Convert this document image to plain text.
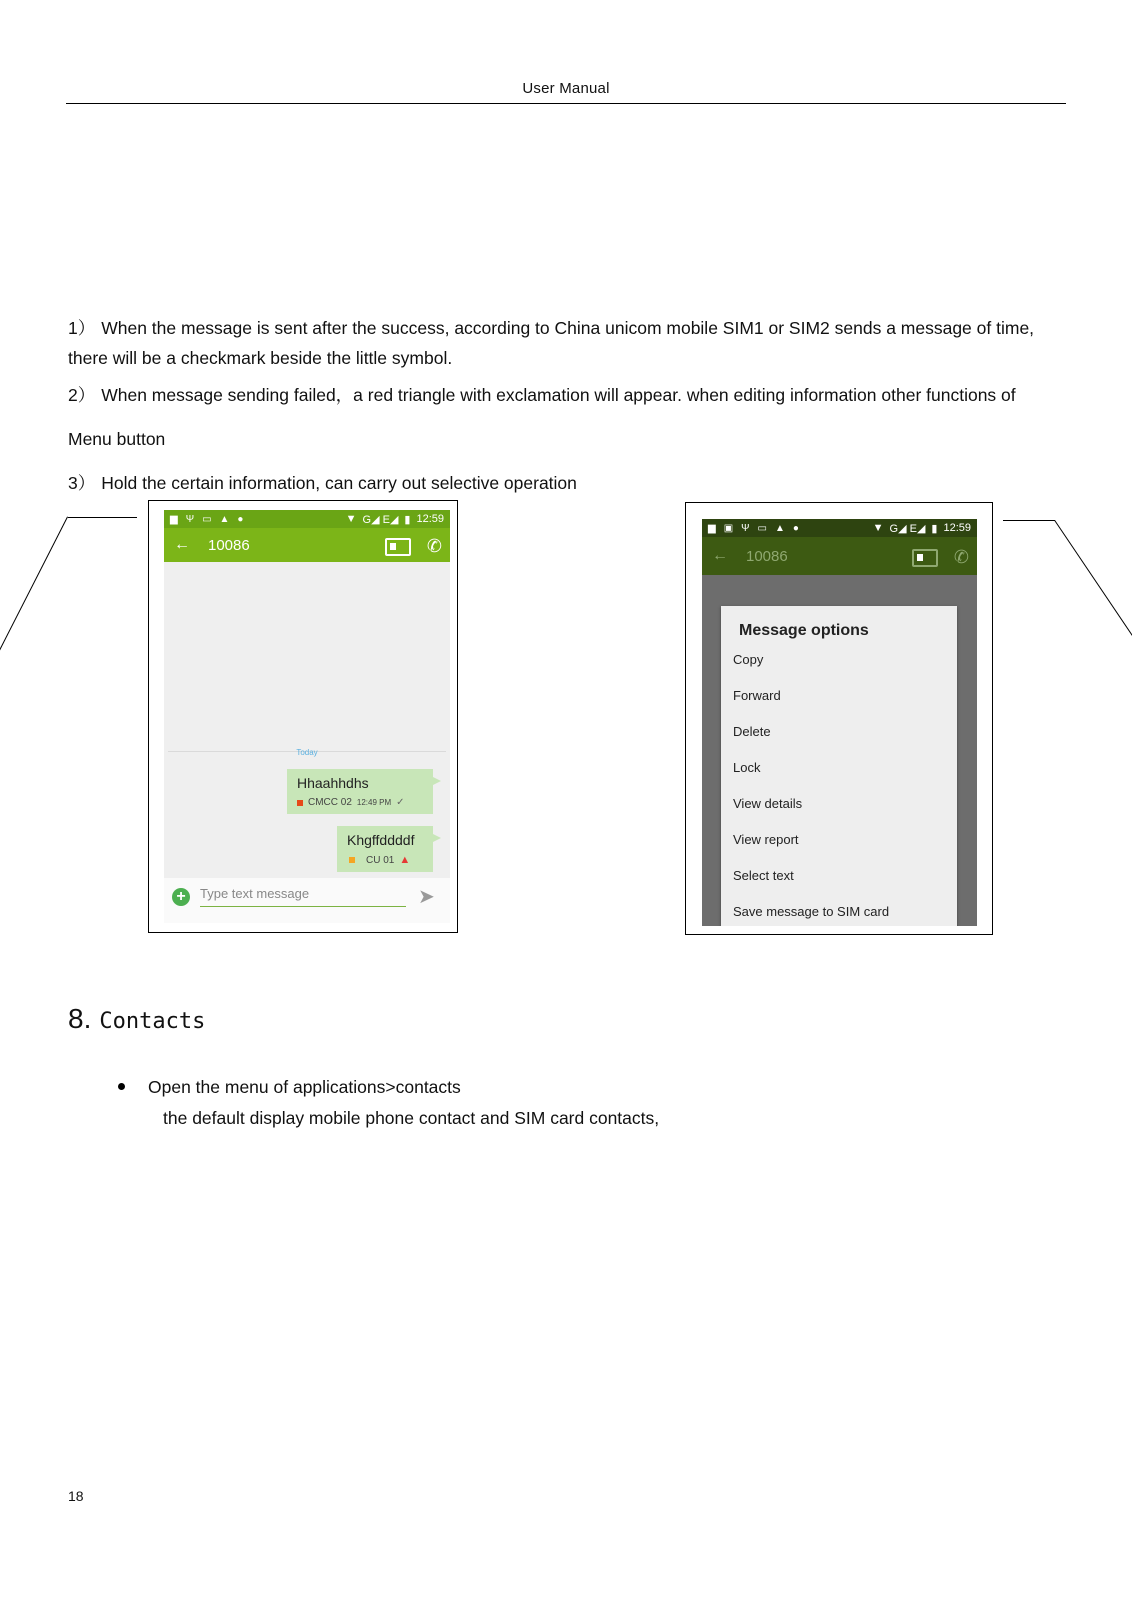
User Manual
1） When the message is sent after the success, according to China unicom mobile SIM1 or SIM2 sends a message of time,
there will be a checkmark beside the little symbol.
2） When message sending failed，a red triangle with exclamation will appear. when editing information other functions of
Menu button
3） Hold the certain information, can carry out selective operation
▆ Ψ ▭ ▲ ●	▼ G◢ E◢ ▮ 12:59
← 10086	✆
Today
Hhaahhdhs
CMCC 02 12:49 PM ✓
Khgffddddf
CU 01 ▲
+	Type text message	➤
▆ ▣ Ψ ▭ ▲ ●	▼ G◢ E◢ ▮ 12:59
← 10086	✆
Message options
Copy
Forward
Delete
Lock
View details
View report
Select text
Save message to SIM card
8. Contacts
Open the menu of applications>contacts
the default display mobile phone contact and SIM card contacts,
18
